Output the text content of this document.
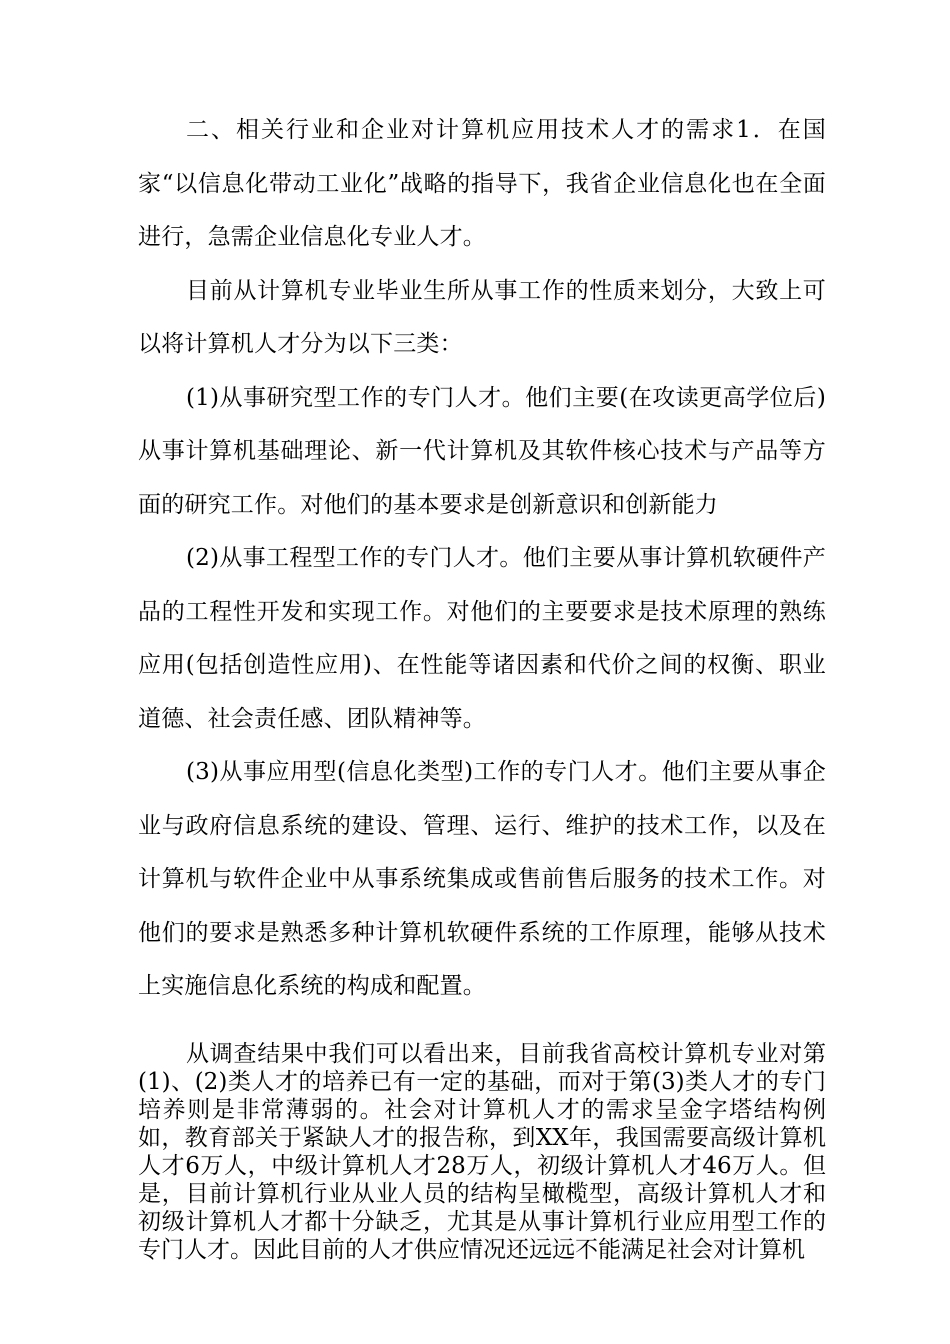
二、相关行业和企业对计算机应用技术人才的需求1．在国家“以信息化带动工业化”战略的指导下，我省企业信息化也在全面进行，急需企业信息化专业人才。

目前从计算机专业毕业生所从事工作的性质来划分，大致上可以将计算机人才分为以下三类：

(1)从事研究型工作的专门人才。他们主要(在攻读更高学位后)从事计算机基础理论、新一代计算机及其软件核心技术与产品等方面的研究工作。对他们的基本要求是创新意识和创新能力

(2)从事工程型工作的专门人才。他们主要从事计算机软硬件产品的工程性开发和实现工作。对他们的主要要求是技术原理的熟练应用(包括创造性应用)、在性能等诸因素和代价之间的权衡、职业道德、社会责任感、团队精神等。

(3)从事应用型(信息化类型)工作的专门人才。他们主要从事企业与政府信息系统的建设、管理、运行、维护的技术工作，以及在计算机与软件企业中从事系统集成或售前售后服务的技术工作。对他们的要求是熟悉多种计算机软硬件系统的工作原理，能够从技术上实施信息化系统的构成和配置。

从调查结果中我们可以看出来，目前我省高校计算机专业对第(1)、(2)类人才的培养已有一定的基础，而对于第(3)类人才的专门培养则是非常薄弱的。社会对计算机人才的需求呈金字塔结构例如，教育部关于紧缺人才的报告称，到XX年，我国需要高级计算机人才6万人，中级计算机人才28万人，初级计算机人才46万人。但是，目前计算机行业从业人员的结构呈橄榄型，高级计算机人才和初级计算机人才都十分缺乏，尤其是从事计算机行业应用型工作的专门人才。因此目前的人才供应情况还远远不能满足社会对计算机
